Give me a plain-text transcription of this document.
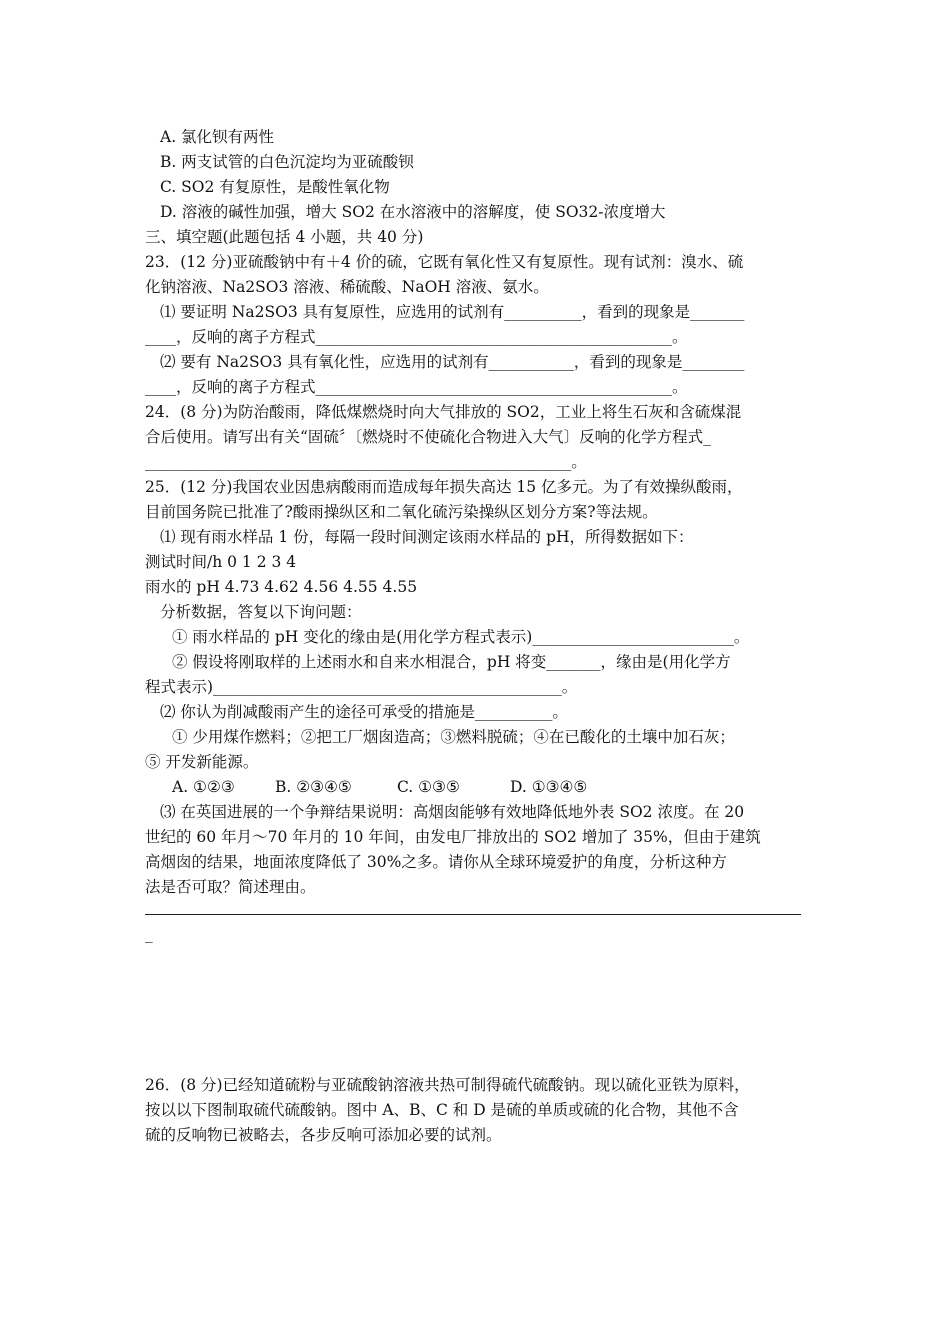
A. 氯化钡有两性
B. 两支试管的白色沉淀均为亚硫酸钡
C. SO2 有复原性，是酸性氧化物
D. 溶液的碱性加强，增大 SO2 在水溶液中的溶解度，使 SO32-浓度增大
三、填空题(此题包括 4 小题，共 40 分)
23．(12 分)亚硫酸钠中有＋4 价的硫，它既有氧化性又有复原性。现有试剂：溴水、硫
化钠溶液、Na2SO3 溶液、稀硫酸、NaOH 溶液、氨水。
⑴ 要证明 Na2SO3 具有复原性，应选用的试剂有__________，看到的现象是_______
____，反响的离子方程式______________________________________________。
⑵ 要有 Na2SO3 具有氧化性，应选用的试剂有___________，看到的现象是________
____，反响的离子方程式______________________________________________。
24．(8 分)为防治酸雨，降低煤燃烧时向大气排放的 SO2，工业上将生石灰和含硫煤混
合后使用。请写出有关“固硫〞〔燃烧时不使硫化合物进入大气〕反响的化学方程式_
_______________________________________________________。
25．(12 分)我国农业因患病酸雨而造成每年损失高达 15 亿多元。为了有效操纵酸雨，
目前国务院已批准了?酸雨操纵区和二氧化硫污染操纵区划分方案?等法规。
⑴ 现有雨水样品 1 份，每隔一段时间测定该雨水样品的 pH，所得数据如下：
测试时间/h 0 1 2 3 4
雨水的 pH 4.73 4.62 4.56 4.55 4.55
分析数据，答复以下询问题：
① 雨水样品的 pH 变化的缘由是(用化学方程式表示)__________________________。
② 假设将刚取样的上述雨水和自来水相混合，pH 将变_______，缘由是(用化学方
程式表示)_____________________________________________。
⑵ 你认为削减酸雨产生的途径可承受的措施是__________。
① 少用煤作燃料；②把工厂烟囱造高；③燃料脱硫；④在已酸化的土壤中加石灰；
⑤ 开发新能源。
A. ①②③	B. ②③④⑤	C. ①③⑤	D. ①③④⑤
⑶ 在英国进展的一个争辩结果说明：高烟囱能够有效地降低地外表 SO2 浓度。在 20
世纪的 60 年月～70 年月的 10 年间，由发电厂排放出的 SO2 增加了 35%，但由于建筑
高烟囱的结果，地面浓度降低了 30%之多。请你从全球环境爱护的角度，分析这种方
法是否可取？简述理由。
_
26．(8 分)已经知道硫粉与亚硫酸钠溶液共热可制得硫代硫酸钠。现以硫化亚铁为原料，
按以以下图制取硫代硫酸钠。图中 A、B、C 和 D 是硫的单质或硫的化合物，其他不含
硫的反响物已被略去，各步反响可添加必要的试剂。
